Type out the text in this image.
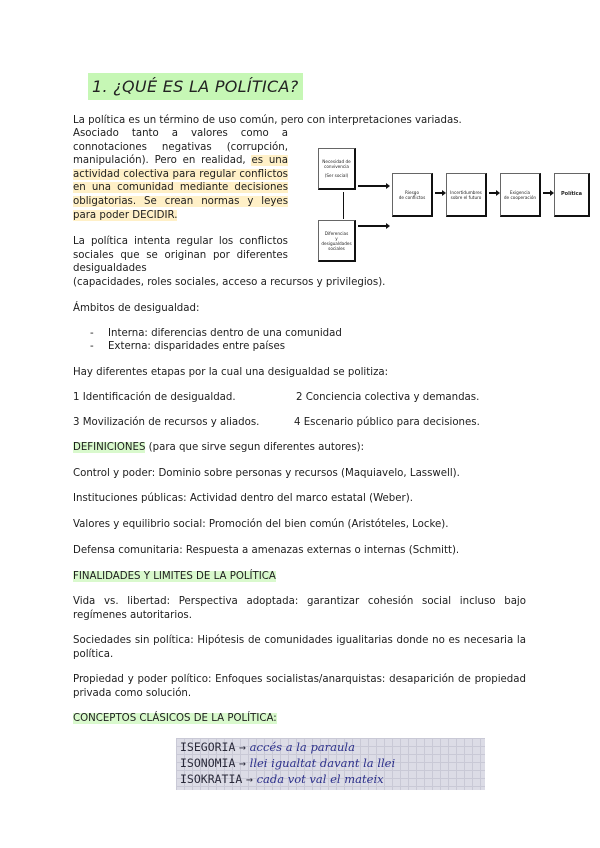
1. ¿QUÉ ES LA POLÍTICA?
La política es un término de uso común, pero con interpretaciones variadas.
Asociado tanto a valores como a connotaciones negativas (corrupción, manipulación). Pero en realidad, es una actividad colectiva para regular conflictos en una comunidad mediante decisiones obligatorias. Se crean normas y leyes para poder DECIDIR.
Necesidad de
convivencia
(Ser social)
Diferencias
y desigualdades
sociales
Riesgo
de conflictos
Incertidumbres
sobre el futuro
Exigencia
de cooperación	Política
La política intenta regular los conflictos sociales que se originan por diferentes desigualdades
(capacidades, roles sociales, acceso a recursos y privilegios).
Ámbitos de desigualdad:
- Interna: diferencias dentro de una comunidad
- Externa: disparidades entre países
Hay diferentes etapas por la cual una desigualdad se politiza:
1 Identificación de desigualdad.	2 Conciencia colectiva y demandas.
3 Movilización de recursos y aliados.	4 Escenario público para decisiones.
DEFINICIONES (para que sirve segun diferentes autores):
Control y poder: Dominio sobre personas y recursos (Maquiavelo, Lasswell).
Instituciones públicas: Actividad dentro del marco estatal (Weber).
Valores y equilibrio social: Promoción del bien común (Aristóteles, Locke).
Defensa comunitaria: Respuesta a amenazas externas o internas (Schmitt).
FINALIDADES Y LIMITES DE LA POLÍTICA
Vida vs. libertad: Perspectiva adoptada: garantizar cohesión social incluso bajo regímenes autoritarios.
Sociedades sin política: Hipótesis de comunidades igualitarias donde no es necesaria la política.
Propiedad y poder político: Enfoques socialistas/anarquistas: desaparición de propiedad privada como solución.
CONCEPTOS CLÁSICOS DE LA POLÍTICA:
ISEGORIA → accés a la paraula
ISONOMIA → llei igualtat davant la llei
ISOKRATIA → cada vot val el mateix
